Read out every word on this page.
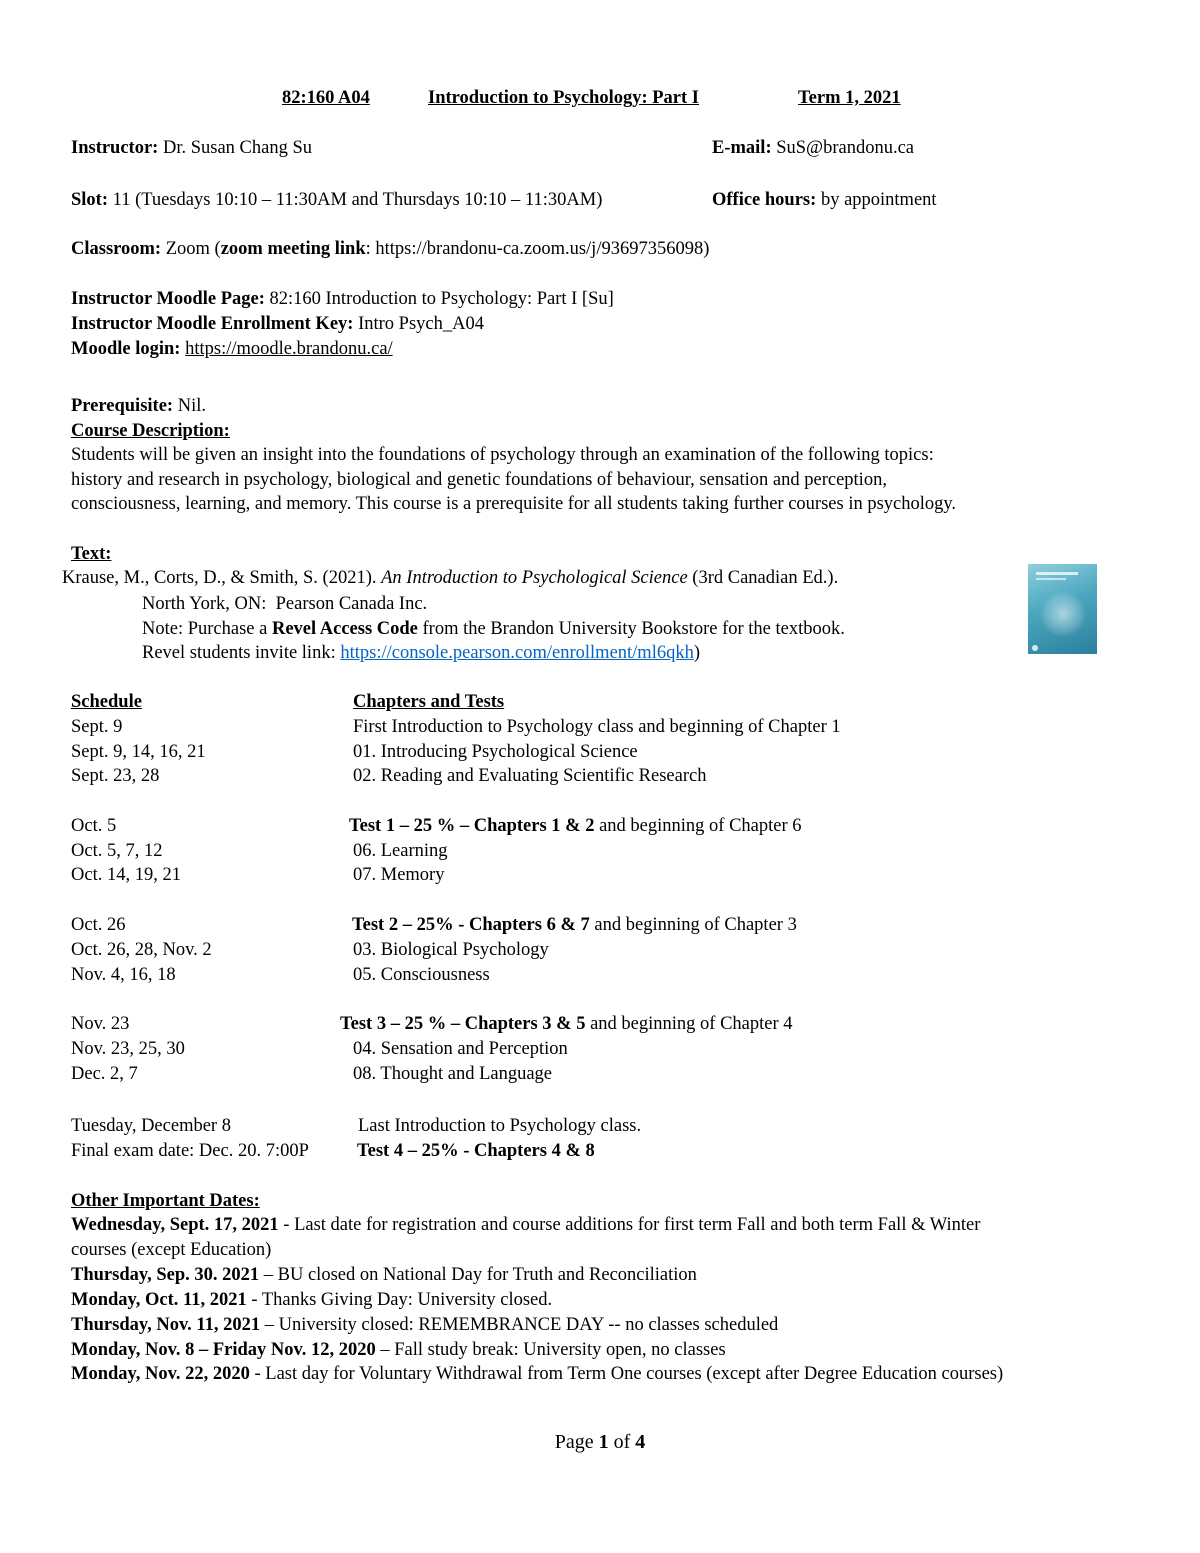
82:160 A04

	Introduction to Psychology: Part I

	Term 1, 2021

Instructor: Dr. Susan Chang Su	E-mail: SuS@brandonu.ca
Slot: 11 (Tuesdays 10:10 – 11:30AM and Thursdays 10:10 – 11:30AM)	Office hours: by appointment
Classroom: Zoom (zoom meeting link: https://brandonu-ca.zoom.us/j/93697356098)
Instructor Moodle Page: 82:160 Introduction to Psychology: Part I [Su]
Instructor Moodle Enrollment Key: Intro Psych_A04
Moodle login: https://moodle.brandonu.ca/
Prerequisite: Nil.
Course Description:
Students will be given an insight into the foundations of psychology through an examination of the following topics:
history and research in psychology, biological and genetic foundations of behaviour, sensation and perception,
consciousness, learning, and memory. This course is a prerequisite for all students taking further courses in psychology.
Text:
Krause, M., Corts, D., & Smith, S. (2021). An Introduction to Psychological Science (3rd Canadian Ed.).
North York, ON:  Pearson Canada Inc.
Note: Purchase a Revel Access Code from the Brandon University Bookstore for the textbook.
Revel students invite link: https://console.pearson.com/enrollment/ml6qkh)
Schedule	Chapters and Tests
Sept. 9	First Introduction to Psychology class and beginning of Chapter 1
Sept. 9, 14, 16, 21	01. Introducing Psychological Science
Sept. 23, 28	02. Reading and Evaluating Scientific Research
Oct. 5	Test 1 – 25 % – Chapters 1 & 2 and beginning of Chapter 6
Oct. 5, 7, 12	06. Learning
Oct. 14, 19, 21	07. Memory
Oct. 26	Test 2 – 25% - Chapters 6 & 7 and beginning of Chapter 3
Oct. 26, 28, Nov. 2	03. Biological Psychology
Nov. 4, 16, 18	05. Consciousness
Nov. 23	Test 3 – 25 % – Chapters 3 & 5 and beginning of Chapter 4
Nov. 23, 25, 30	04. Sensation and Perception
Dec. 2, 7	08. Thought and Language
Tuesday, December 8	Last Introduction to Psychology class.
Final exam date: Dec. 20. 7:00P	Test 4 – 25% - Chapters 4 & 8
Other Important Dates:
Wednesday, Sept. 17, 2021 - Last date for registration and course additions for first term Fall and both term Fall & Winter
courses (except Education)
Thursday, Sep. 30. 2021 – BU closed on National Day for Truth and Reconciliation
Monday, Oct. 11, 2021 - Thanks Giving Day: University closed.
Thursday, Nov. 11, 2021 – University closed: REMEMBRANCE DAY -- no classes scheduled
Monday, Nov. 8 – Friday Nov. 12, 2020 – Fall study break: University open, no classes
Monday, Nov. 22, 2020 - Last day for Voluntary Withdrawal from Term One courses (except after Degree Education courses)
Page 1 of 4
